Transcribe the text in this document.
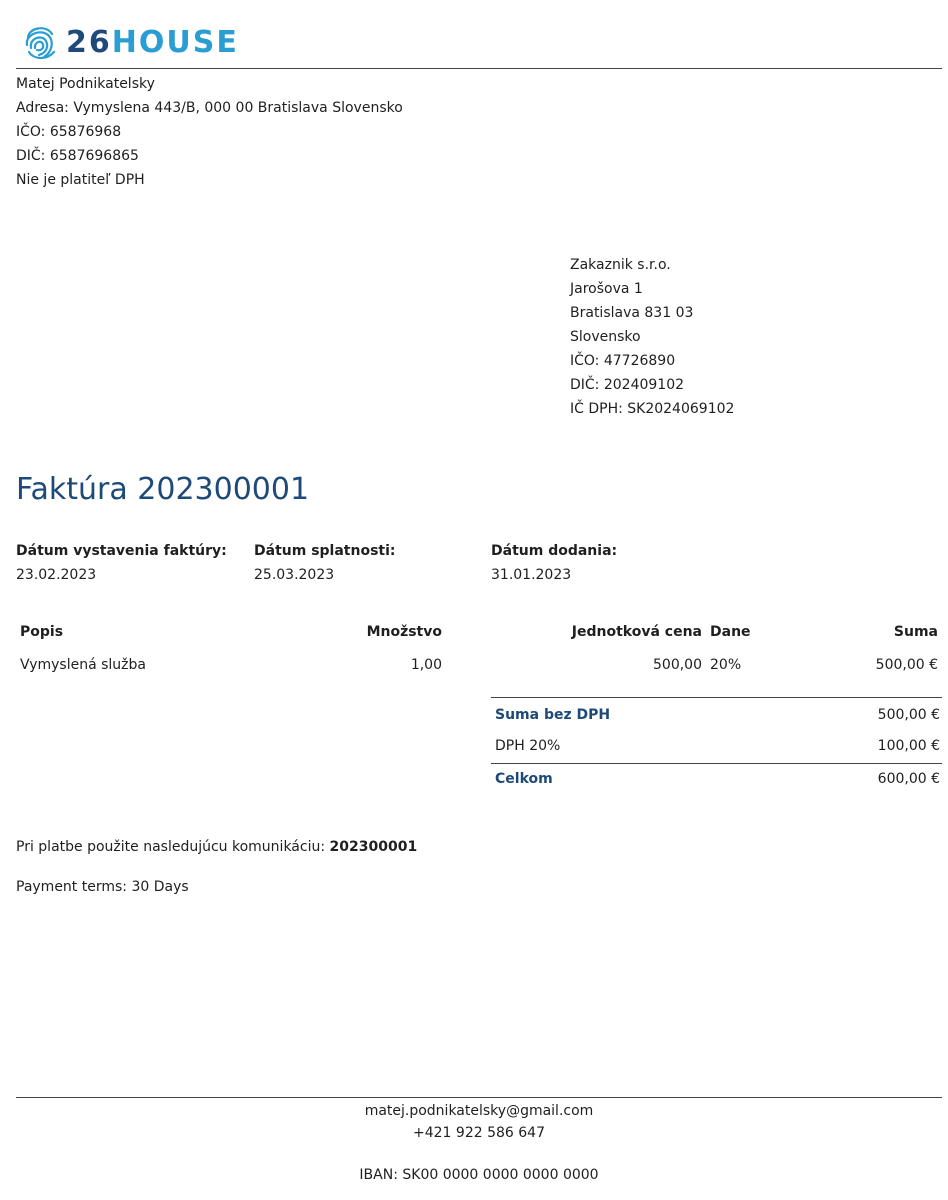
26HOUSE
Matej Podnikatelsky
Adresa: Vymyslena 443/B, 000 00 Bratislava Slovensko
IČO: 65876968
DIČ: 6587696865
Nie je platiteľ DPH
Zakaznik s.r.o.
Jarošova 1
Bratislava 831 03
Slovensko
IČO: 47726890
DIČ: 202409102
IČ DPH: SK2024069102
Faktúra 202300001
Dátum vystavenia faktúry:
23.02.2023
Dátum splatnosti:
25.03.2023
Dátum dodania:
31.01.2023
Popis	Množstvo	Jednotková cena Dane	Suma
Vymyslená služba	1,00	500,00 20%	500,00 €
Suma bez DPH	500,00 €
DPH 20%	100,00 €
Celkom	600,00 €
Pri platbe použite nasledujúcu komunikáciu: 202300001
Payment terms: 30 Days
matej.podnikatelsky@gmail.com
+421 922 586 647
IBAN: SK00 0000 0000 0000 0000
